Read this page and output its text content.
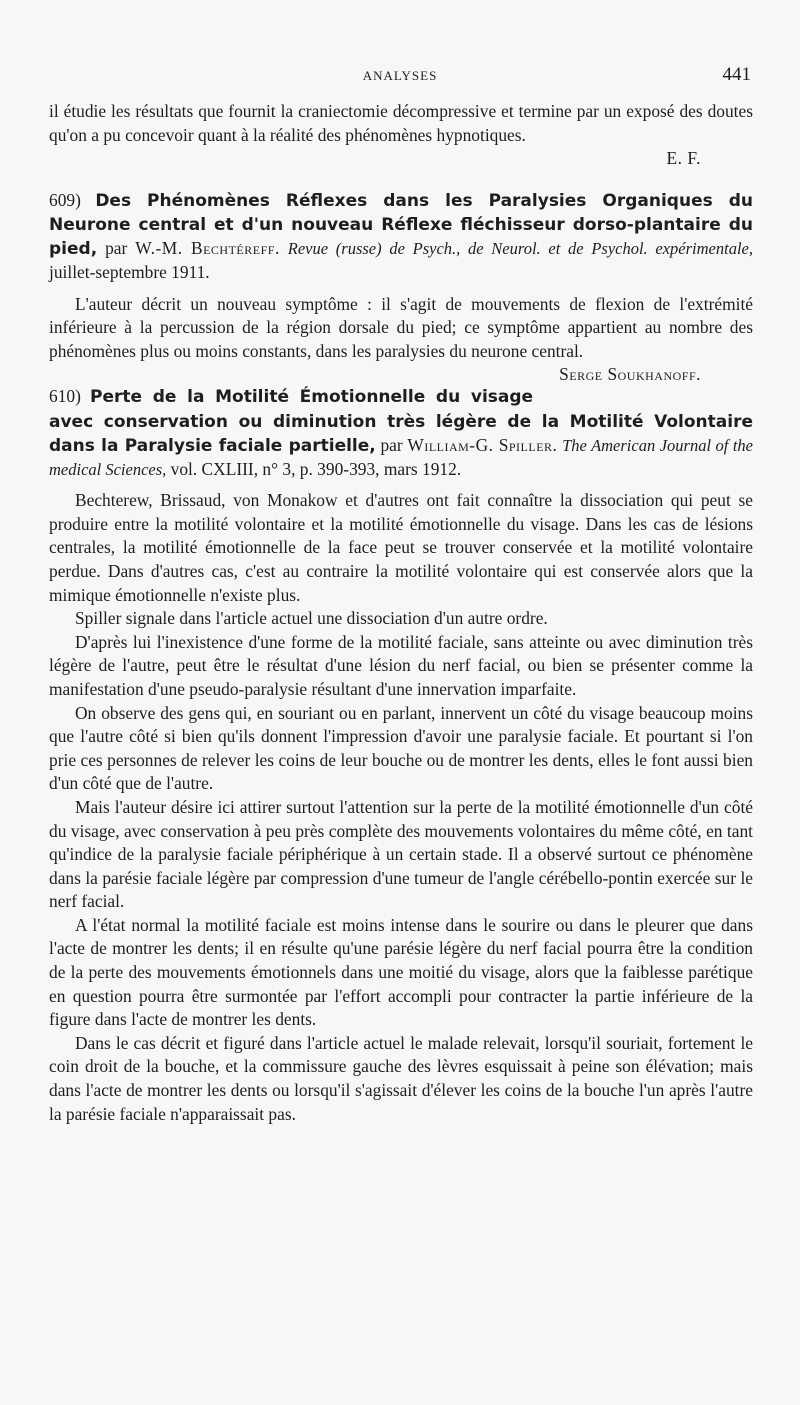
ANALYSES	441

il étudie les résultats que fournit la craniectomie décompressive et termine par un exposé des doutes qu'on a pu concevoir quant à la réalité des phénomènes hypnotiques.

E. F.

609) Des Phénomènes Réflexes dans les Paralysies Organiques du Neurone central et d'un nouveau Réflexe fléchisseur dorso-plantaire du pied, par W.-M. Bechtéreff. Revue (russe) de Psych., de Neurol. et de Psychol. expérimentale, juillet-septembre 1911.

L'auteur décrit un nouveau symptôme : il s'agit de mouvements de flexion de l'extrémité inférieure à la percussion de la région dorsale du pied; ce symptôme appartient au nombre des phénomènes plus ou moins constants, dans les paralysies du neurone central.
Serge Soukhanoff.

610) Perte de la Motilité Émotionnelle du visage avec conservation ou diminution très légère de la Motilité Volontaire dans la Paralysie faciale partielle, par William-G. Spiller. The American Journal of the medical Sciences, vol. CXLIII, n° 3, p. 390-393, mars 1912.

Bechterew, Brissaud, von Monakow et d'autres ont fait connaître la dissociation qui peut se produire entre la motilité volontaire et la motilité émotionnelle du visage. Dans les cas de lésions centrales, la motilité émotionnelle de la face peut se trouver conservée et la motilité volontaire perdue. Dans d'autres cas, c'est au contraire la motilité volontaire qui est conservée alors que la mimique émotionnelle n'existe plus.

Spiller signale dans l'article actuel une dissociation d'un autre ordre.

D'après lui l'inexistence d'une forme de la motilité faciale, sans atteinte ou avec diminution très légère de l'autre, peut être le résultat d'une lésion du nerf facial, ou bien se présenter comme la manifestation d'une pseudo-paralysie résultant d'une innervation imparfaite.

On observe des gens qui, en souriant ou en parlant, innervent un côté du visage beaucoup moins que l'autre côté si bien qu'ils donnent l'impression d'avoir une paralysie faciale. Et pourtant si l'on prie ces personnes de relever les coins de leur bouche ou de montrer les dents, elles le font aussi bien d'un côté que de l'autre.

Mais l'auteur désire ici attirer surtout l'attention sur la perte de la motilité émotionnelle d'un côté du visage, avec conservation à peu près complète des mouvements volontaires du même côté, en tant qu'indice de la paralysie faciale périphérique à un certain stade. Il a observé surtout ce phénomène dans la parésie faciale légère par compression d'une tumeur de l'angle cérébello-pontin exercée sur le nerf facial.

A l'état normal la motilité faciale est moins intense dans le sourire ou dans le pleurer que dans l'acte de montrer les dents; il en résulte qu'une parésie légère du nerf facial pourra être la condition de la perte des mouvements émotionnels dans une moitié du visage, alors que la faiblesse parétique en question pourra être surmontée par l'effort accompli pour contracter la partie inférieure de la figure dans l'acte de montrer les dents.

Dans le cas décrit et figuré dans l'article actuel le malade relevait, lorsqu'il souriait, fortement le coin droit de la bouche, et la commissure gauche des lèvres esquissait à peine son élévation; mais dans l'acte de montrer les dents ou lorsqu'il s'agissait d'élever les coins de la bouche l'un après l'autre la parésie faciale n'apparaissait pas.
